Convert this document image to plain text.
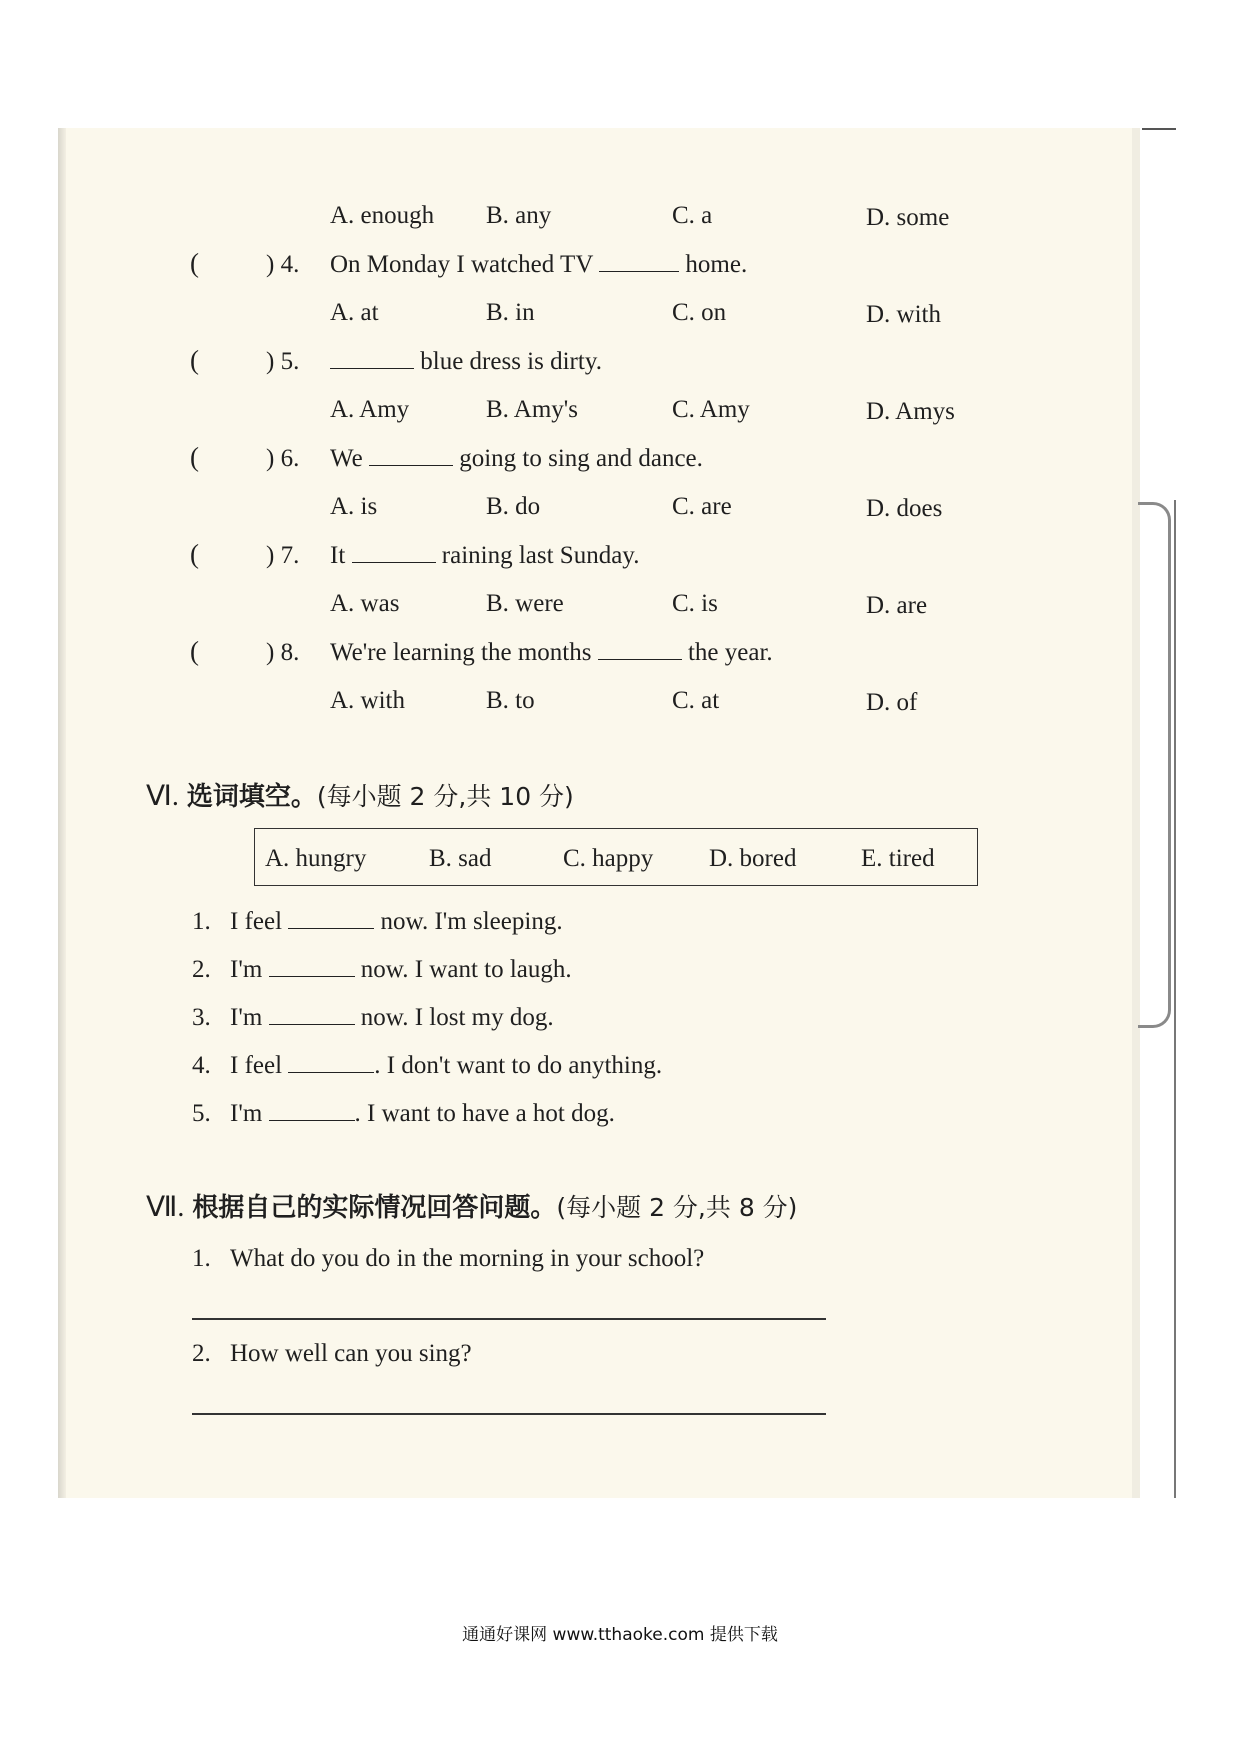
A. enough B. any	C. a	D. some
(	) 4. On Monday I watched TV	home.
A. at	B. in	C. on	D. with
(	) 5.	blue dress is dirty.
A. Amy	B. Amy's	C. Amy	D. Amys
(	) 6. We	going to sing and dance.
A. is	B. do	C. are	D. does
(	) 7. It	raining last Sunday.
A. was	B. were	C. is	D. are
(	) 8. We're learning the months	the year.
A. with	B. to	C. at	D. of
Ⅵ. 选词填空。(每小题 2 分,共 10 分)
A. hungry	B. sad	C. happy D. bored	E. tired
1. I feel	now. I'm sleeping.
2. I'm	now. I want to laugh.
3. I'm	now. I lost my dog.
4. I feel	. I don't want to do anything.
5. I'm	. I want to have a hot dog.
Ⅶ. 根据自己的实际情况回答问题。(每小题 2 分,共 8 分)
1. What do you do in the morning in your school?
2. How well can you sing?
通通好课网 www.tthaoke.com 提供下载
